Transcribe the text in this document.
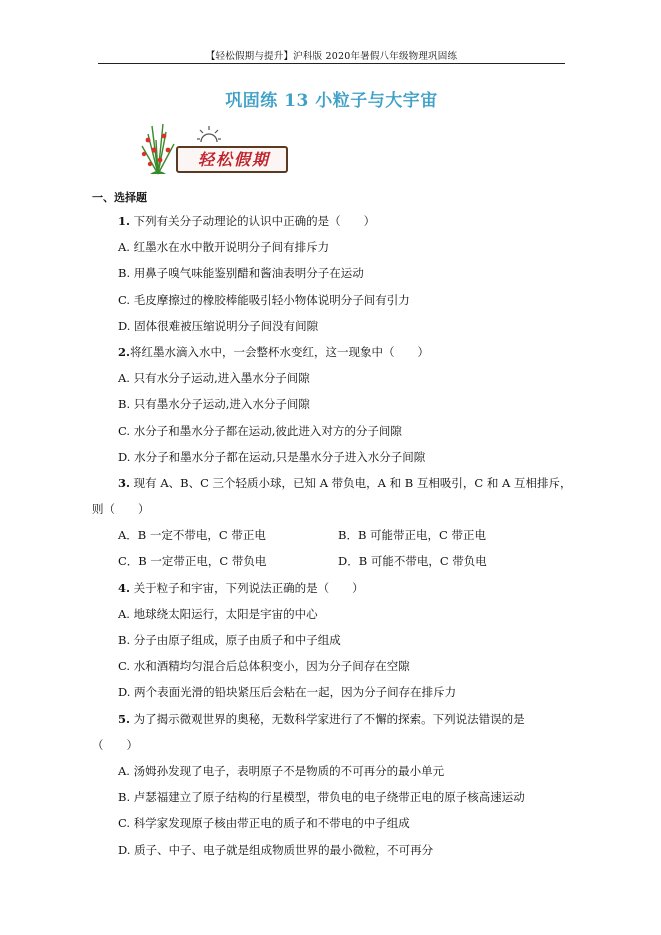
【轻松假期与提升】沪科版 2020年暑假八年级物理巩固练
巩固练 13 小粒子与大宇宙
轻松假期
一、选择题
1. 下列有关分子动理论的认识中正确的是（　　）
A. 红墨水在水中散开说明分子间有排斥力
B. 用鼻子嗅气味能鉴别醋和酱油表明分子在运动
C. 毛皮摩擦过的橡胶棒能吸引轻小物体说明分子间有引力
D. 固体很难被压缩说明分子间没有间隙
2.将红墨水滴入水中，一会整杯水变红，这一现象中（　　）
A. 只有水分子运动,进入墨水分子间隙
B. 只有墨水分子运动,进入水分子间隙
C. 水分子和墨水分子都在运动,彼此进入对方的分子间隙
D. 水分子和墨水分子都在运动,只是墨水分子进入水分子间隙
3. 现有 A、B、C 三个轻质小球，已知 A 带负电，A 和 B 互相吸引，C 和 A 互相排斥，
则（　　）
A．B 一定不带电，C 带正电	B．B 可能带正电，C 带正电
C．B 一定带正电，C 带负电	D．B 可能不带电，C 带负电
4. 关于粒子和宇宙，下列说法正确的是（　　）
A. 地球绕太阳运行，太阳是宇宙的中心
B. 分子由原子组成，原子由质子和中子组成
C. 水和酒精均匀混合后总体积变小，因为分子间存在空隙
D. 两个表面光滑的铅块紧压后会粘在一起，因为分子间存在排斥力
5. 为了揭示微观世界的奥秘，无数科学家进行了不懈的探索。下列说法错误的是
（　　）
A. 汤姆孙发现了电子，表明原子不是物质的不可再分的最小单元
B. 卢瑟福建立了原子结构的行星模型，带负电的电子绕带正电的原子核高速运动
C. 科学家发现原子核由带正电的质子和不带电的中子组成
D. 质子、中子、电子就是组成物质世界的最小微粒，不可再分
